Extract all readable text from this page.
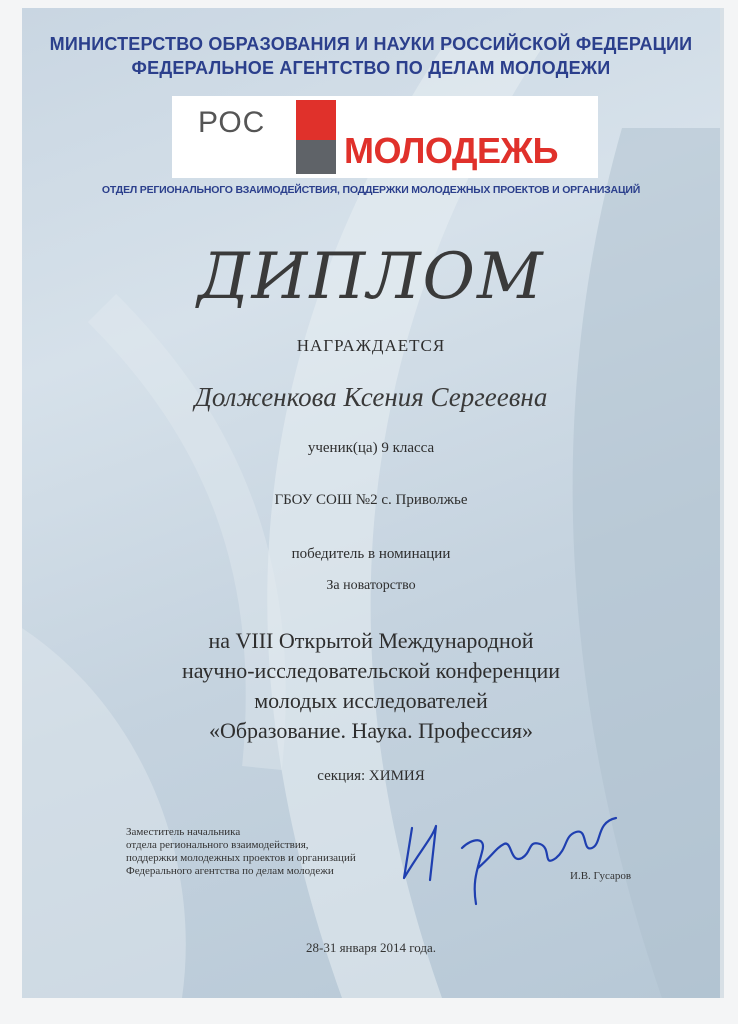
МИНИСТЕРСТВО ОБРАЗОВАНИЯ И НАУКИ РОССИЙСКОЙ ФЕДЕРАЦИИ
ФЕДЕРАЛЬНОЕ АГЕНТСТВО ПО ДЕЛАМ МОЛОДЕЖИ
РОС
МОЛОДЕЖЬ
ОТДЕЛ РЕГИОНАЛЬНОГО ВЗАИМОДЕЙСТВИЯ, ПОДДЕРЖКИ МОЛОДЕЖНЫХ ПРОЕКТОВ И ОРГАНИЗАЦИЙ
ДИПЛОМ
НАГРАЖДАЕТСЯ
Долженкова Ксения Сергеевна
ученик(ца) 9 класса
ГБОУ СОШ №2 с. Приволжье
победитель в номинации
За новаторство
на VIII Открытой Международной
научно-исследовательской конференции
молодых исследователей
«Образование. Наука. Профессия»
секция: ХИМИЯ
Заместитель начальника
отдела регионального взаимодействия,
поддержки молодежных проектов и организаций
Федерального агентства по делам молодежи	И.В. Гусаров
28-31 января 2014 года.
